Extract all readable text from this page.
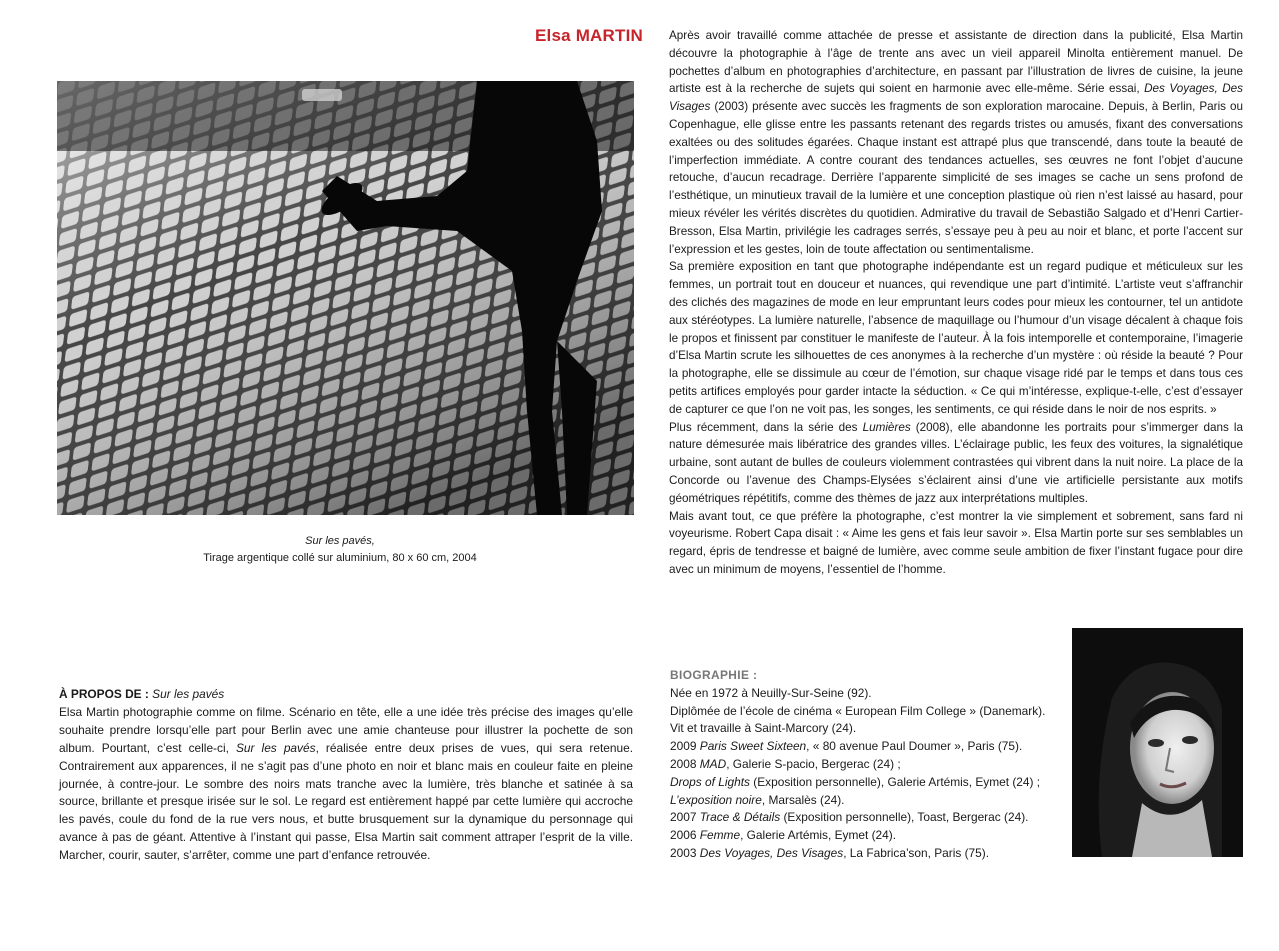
Elsa MARTIN
Sur les pavés,
Tirage argentique collé sur aluminium, 80 x 60 cm, 2004

Après avoir travaillé comme attachée de presse et assistante de direction dans la publicité, Elsa Martin découvre la photographie à l’âge de trente ans avec un vieil appareil Minolta entièrement manuel. De pochettes d’album en photographies d’architecture, en passant par l’illustration de livres de cuisine, la jeune artiste est à la recherche de sujets qui soient en harmonie avec elle-même. Série essai, Des Voyages, Des Visages (2003) présente avec succès les fragments de son exploration marocaine. Depuis, à Berlin, Paris ou Copenhague, elle glisse entre les passants retenant des regards tristes ou amusés, fixant des conversations exaltées ou des solitudes égarées. Chaque instant est attrapé plus que transcendé, dans toute la beauté de l’imperfection immédiate. A contre courant des tendances actuelles, ses œuvres ne font l’objet d’aucune retouche, d’aucun recadrage. Derrière l’apparente simplicité de ses images se cache un sens profond de l’esthétique, un minutieux travail de la lumière et une conception plastique où rien n’est laissé au hasard, pour mieux révéler les vérités discrètes du quotidien. Admirative du travail de Sebastião Salgado et d’Henri Cartier-Bresson, Elsa Martin, privilégie les cadrages serrés, s’essaye peu à peu au noir et blanc, et porte l’accent sur l’expression et les gestes, loin de toute affectation ou sentimentalisme.

Sa première exposition en tant que photographe indépendante est un regard pudique et méticuleux sur les femmes, un portrait tout en douceur et nuances, qui revendique une part d’intimité. L’artiste veut s’affranchir des clichés des magazines de mode en leur empruntant leurs codes pour mieux les contourner, tel un antidote aux stéréotypes. La lumière naturelle, l’absence de maquillage ou l’humour d’un visage décalent à chaque fois le propos et finissent par constituer le manifeste de l’auteur. À la fois intemporelle et contemporaine, l’imagerie d’Elsa Martin scrute les silhouettes de ces anonymes à la recherche d’un mystère : où réside la beauté ? Pour la photographe, elle se dissimule au cœur de l’émotion, sur chaque visage ridé par le temps et dans tous ces petits artifices employés pour garder intacte la séduction. « Ce qui m’intéresse, explique-t-elle, c’est d’essayer de capturer ce que l’on ne voit pas, les songes, les sentiments, ce qui réside dans le noir de nos esprits. »

Plus récemment, dans la série des Lumières (2008), elle abandonne les portraits pour s’immerger dans la nature démesurée mais libératrice des grandes villes. L’éclairage public, les feux des voitures, la signalétique urbaine, sont autant de bulles de couleurs violemment contrastées qui vibrent dans la nuit noire. La place de la Concorde ou l’avenue des Champs-Elysées s’éclairent ainsi d’une vie artificielle persistante aux motifs géométriques répétitifs, comme des thèmes de jazz aux interprétations multiples.

Mais avant tout, ce que préfère la photographe, c’est montrer la vie simplement et sobrement, sans fard ni voyeurisme. Robert Capa disait : « Aime les gens et fais leur savoir ». Elsa Martin porte sur ses semblables un regard, épris de tendresse et baigné de lumière, avec comme seule ambition de fixer l’instant fugace pour dire avec un minimum de moyens, l’essentiel de l’homme.

À PROPOS DE : Sur les pavés

Elsa Martin photographie comme on filme. Scénario en tête, elle a une idée très précise des images qu’elle souhaite prendre lorsqu’elle part pour Berlin avec une amie chanteuse pour illustrer la pochette de son album. Pourtant, c’est celle-ci, Sur les pavés, réalisée entre deux prises de vues, qui sera retenue. Contrairement aux apparences, il ne s’agit pas d’une photo en noir et blanc mais en couleur faite en pleine journée, à contre-jour. Le sombre des noirs mats tranche avec la lumière, très blanche et satinée à sa source, brillante et presque irisée sur le sol. Le regard est entièrement happé par cette lumière qui accroche les pavés, coule du fond de la rue vers nous, et butte brusquement sur la dynamique du personnage qui avance à pas de géant. Attentive à l’instant qui passe, Elsa Martin sait comment attraper l’esprit de la ville. Marcher, courir, sauter, s’arrêter, comme une part d’enfance retrouvée.

BIOGRAPHIE :
Née en 1972 à Neuilly-Sur-Seine (92).
Diplômée de l’école de cinéma « European Film College » (Danemark).
Vit et travaille à Saint-Marcory (24).
2009 Paris Sweet Sixteen, « 80 avenue Paul Doumer », Paris (75).
2008 MAD, Galerie S-pacio, Bergerac (24) ;
Drops of Lights (Exposition personnelle), Galerie Artémis, Eymet (24) ;
L’exposition noire, Marsalès (24).
2007 Trace & Détails (Exposition personnelle), Toast, Bergerac (24).
2006 Femme, Galerie Artémis, Eymet (24).
2003 Des Voyages, Des Visages, La Fabrica’son, Paris (75).
